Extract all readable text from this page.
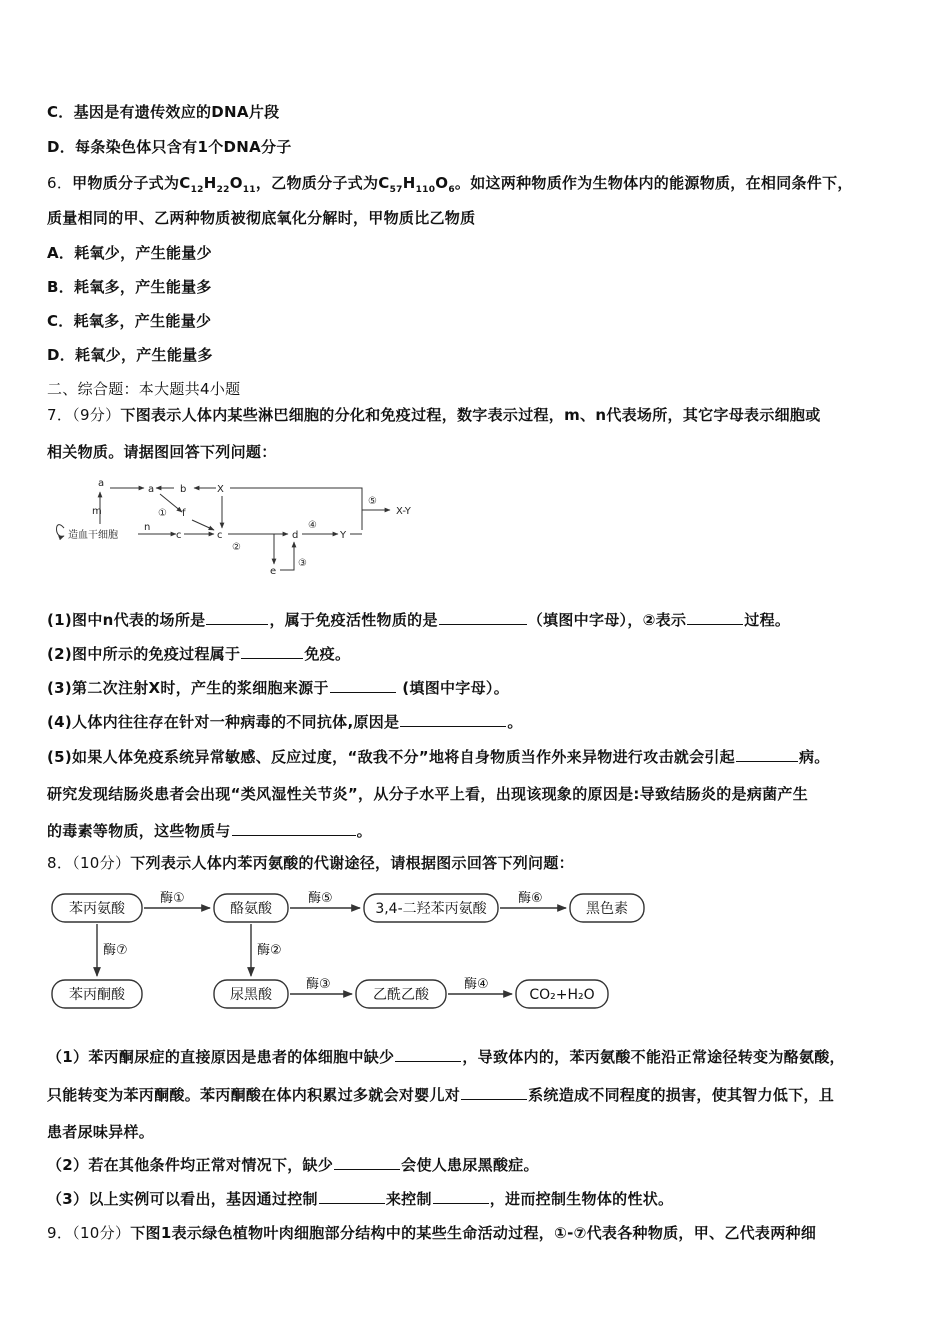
C．基因是有遗传效应的DNA片段
D．每条染色体只含有1个DNA分子
6．甲物质分子式为$C_{12}H_{22}O_{11}$，乙物质分子式为$C_{57}H_{110}O_6$。如这两种物质作为生物体内的能源物质，在相同条件下，
质量相同的甲、乙两种物质被彻底氧化分解时，甲物质比乙物质
A．耗氧少，产生能量少
B．耗氧多，产生能量多
C．耗氧多，产生能量少
D．耗氧少，产生能量多
二、综合题：本大题共4小题
7．（9分）下图表示人体内某些淋巴细胞的分化和免疫过程，数字表示过程，m、n代表场所，其它字母表示细胞或
相关物质。请据图回答下列问题：
造血干细胞
a
m
a	b	X
① f
n
c	c
②
d
④
Y
⑤
X-Y
e
③
(1)图中n代表的场所是	，属于免疫活性物质的是	（填图中字母），②表示	过程。
(2)图中所示的免疫过程属于	免疫。
(3)第二次注射X时，产生的浆细胞来源于	(填图中字母）。
(4)人体内往往存在针对一种病毒的不同抗体,原因是	。
(5)如果人体免疫系统异常敏感、反应过度，“敌我不分”地将自身物质当作外来异物进行攻击就会引起	病。
研究发现结肠炎患者会出现“类风湿性关节炎”，从分子水平上看，出现该现象的原因是:导致结肠炎的是病菌产生
的毒素等物质，这些物质与	。
8．（10分）下列表示人体内苯丙氨酸的代谢途径，请根据图示回答下列问题：
苯丙氨酸	酪氨酸	3,4-二羟苯丙氨酸	黑色素
苯丙酮酸	尿黑酸	乙酰乙酸	CO₂+H₂O
酶①	酶⑤	酶⑥
酶⑦	酶②
酶③	酶④
（1）苯丙酮尿症的直接原因是患者的体细胞中缺少	，导致体内的，苯丙氨酸不能沿正常途径转变为酪氨酸，
只能转变为苯丙酮酸。苯丙酮酸在体内积累过多就会对婴儿对	系统造成不同程度的损害，使其智力低下，且
患者尿味异样。
（2）若在其他条件均正常对情况下，缺少	会使人患尿黑酸症。
（3）以上实例可以看出，基因通过控制	来控制	，进而控制生物体的性状。
9．（10分）下图1表示绿色植物叶肉细胞部分结构中的某些生命活动过程，①-⑦代表各种物质，甲、乙代表两种细
